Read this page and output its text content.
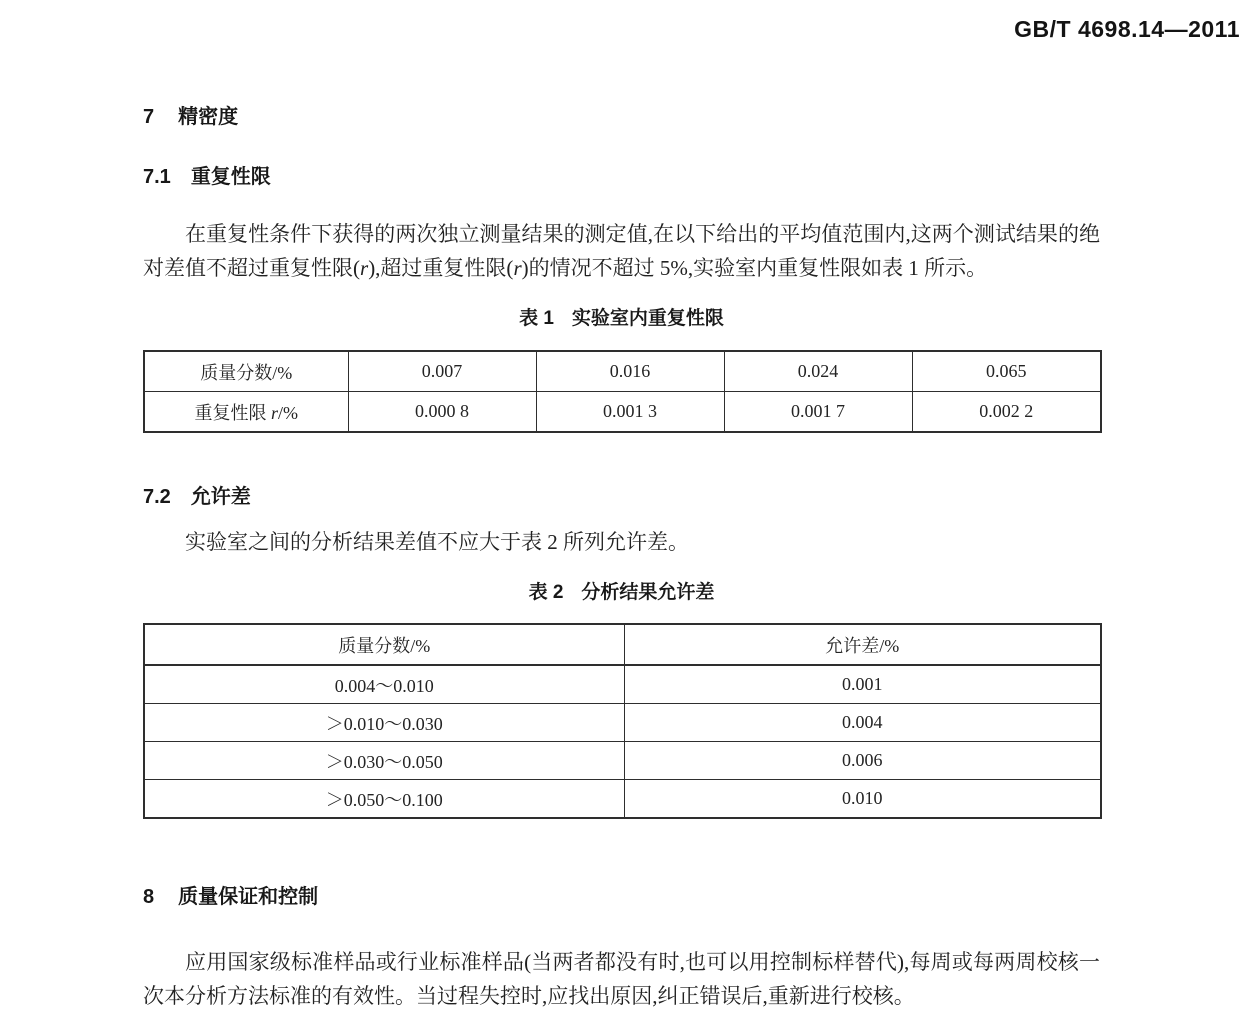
GB/T 4698.14—2011
7 精密度
7.1 重复性限

在重复性条件下获得的两次独立测量结果的测定值,在以下给出的平均值范围内,这两个测试结果的绝对差值不超过重复性限(r),超过重复性限(r)的情况不超过 5%,实验室内重复性限如表 1 所示。

表 1 实验室内重复性限
质量分数/%	0.007	0.016	0.024	0.065
重复性限 r/%	0.000 8	0.001 3	0.001 7	0.002 2
7.2 允许差

实验室之间的分析结果差值不应大于表 2 所列允许差。

表 2 分析结果允许差
质量分数/%	允许差/%
0.004～0.010	0.001
＞0.010～0.030	0.004
＞0.030～0.050	0.006
＞0.050～0.100	0.010
8 质量保证和控制

应用国家级标准样品或行业标准样品(当两者都没有时,也可以用控制标样替代),每周或每两周校核一次本分析方法标准的有效性。当过程失控时,应找出原因,纠正错误后,重新进行校核。
